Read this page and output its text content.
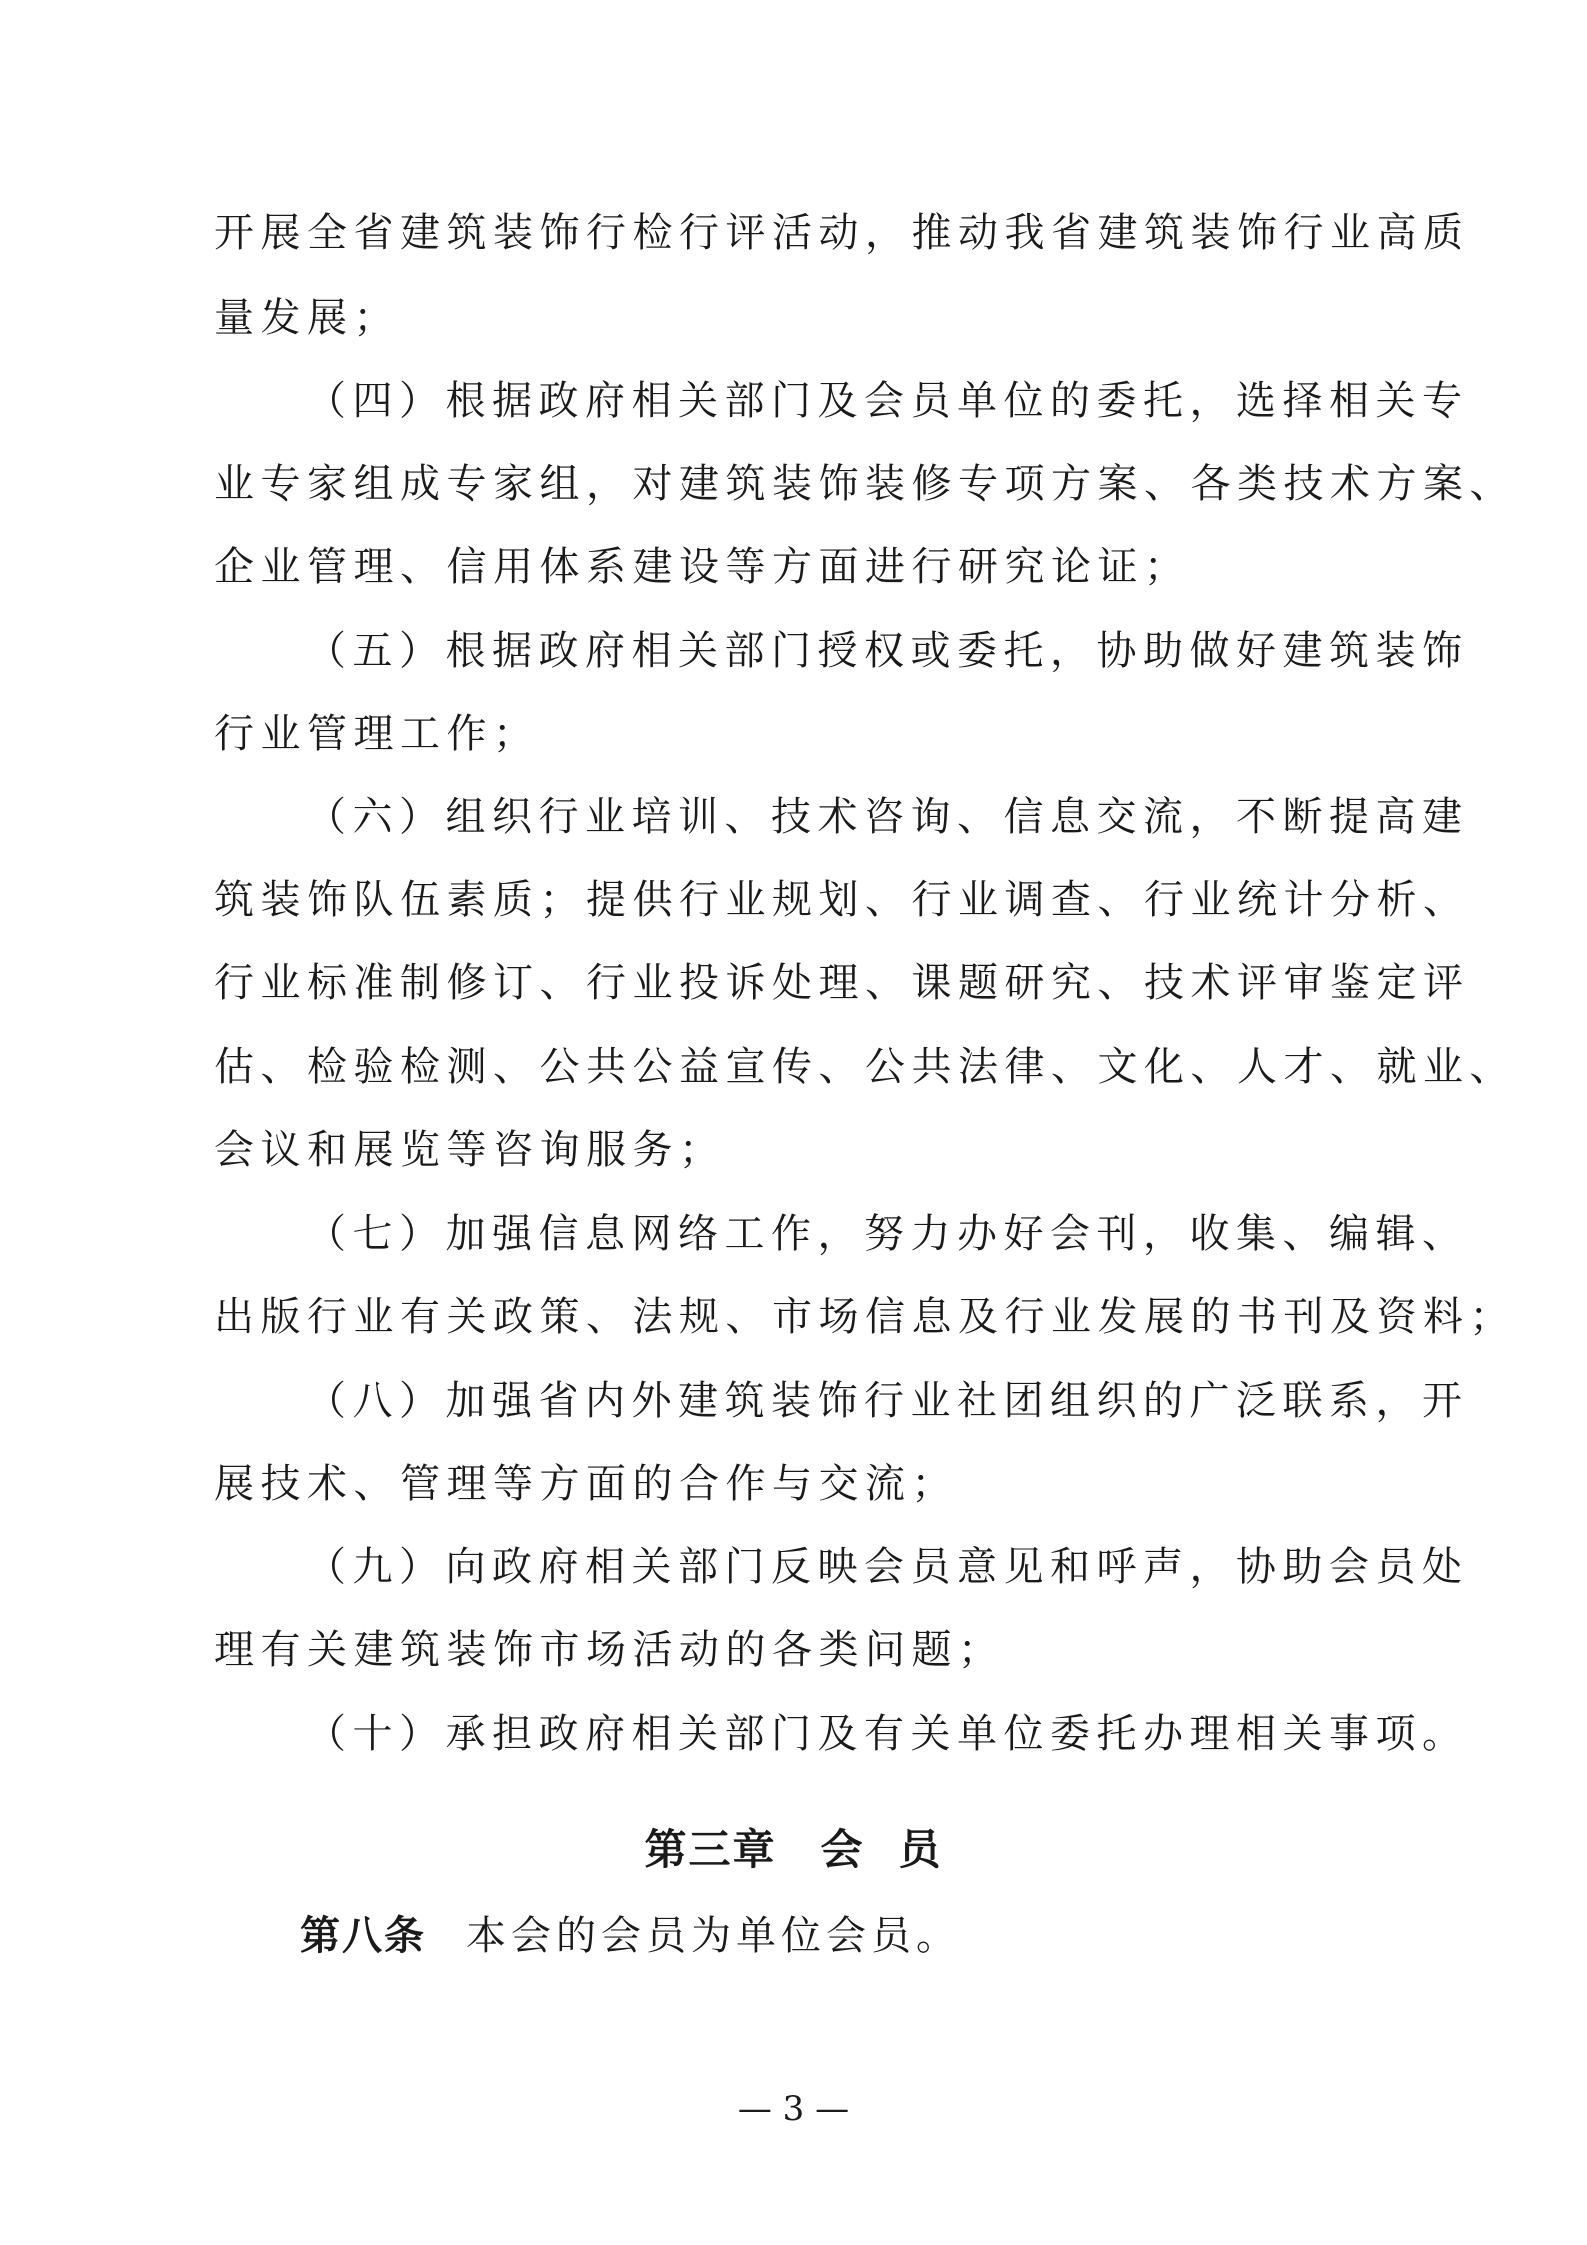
开展全省建筑装饰行检行评活动，推动我省建筑装饰行业高质
量发展；
（四）根据政府相关部门及会员单位的委托，选择相关专
业专家组成专家组，对建筑装饰装修专项方案、各类技术方案、
企业管理、信用体系建设等方面进行研究论证；
（五）根据政府相关部门授权或委托，协助做好建筑装饰
行业管理工作；
（六）组织行业培训、技术咨询、信息交流，不断提高建
筑装饰队伍素质；提供行业规划、行业调查、行业统计分析、
行业标准制修订、行业投诉处理、课题研究、技术评审鉴定评
估、检验检测、公共公益宣传、公共法律、文化、人才、就业、
会议和展览等咨询服务；
（七）加强信息网络工作，努力办好会刊，收集、编辑、
出版行业有关政策、法规、市场信息及行业发展的书刊及资料；
（八）加强省内外建筑装饰行业社团组织的广泛联系，开
展技术、管理等方面的合作与交流；
（九）向政府相关部门反映会员意见和呼声，协助会员处
理有关建筑装饰市场活动的各类问题；
（十）承担政府相关部门及有关单位委托办理相关事项。
第三章 会 员
第八条 本会的会员为单位会员。
— 3 —
